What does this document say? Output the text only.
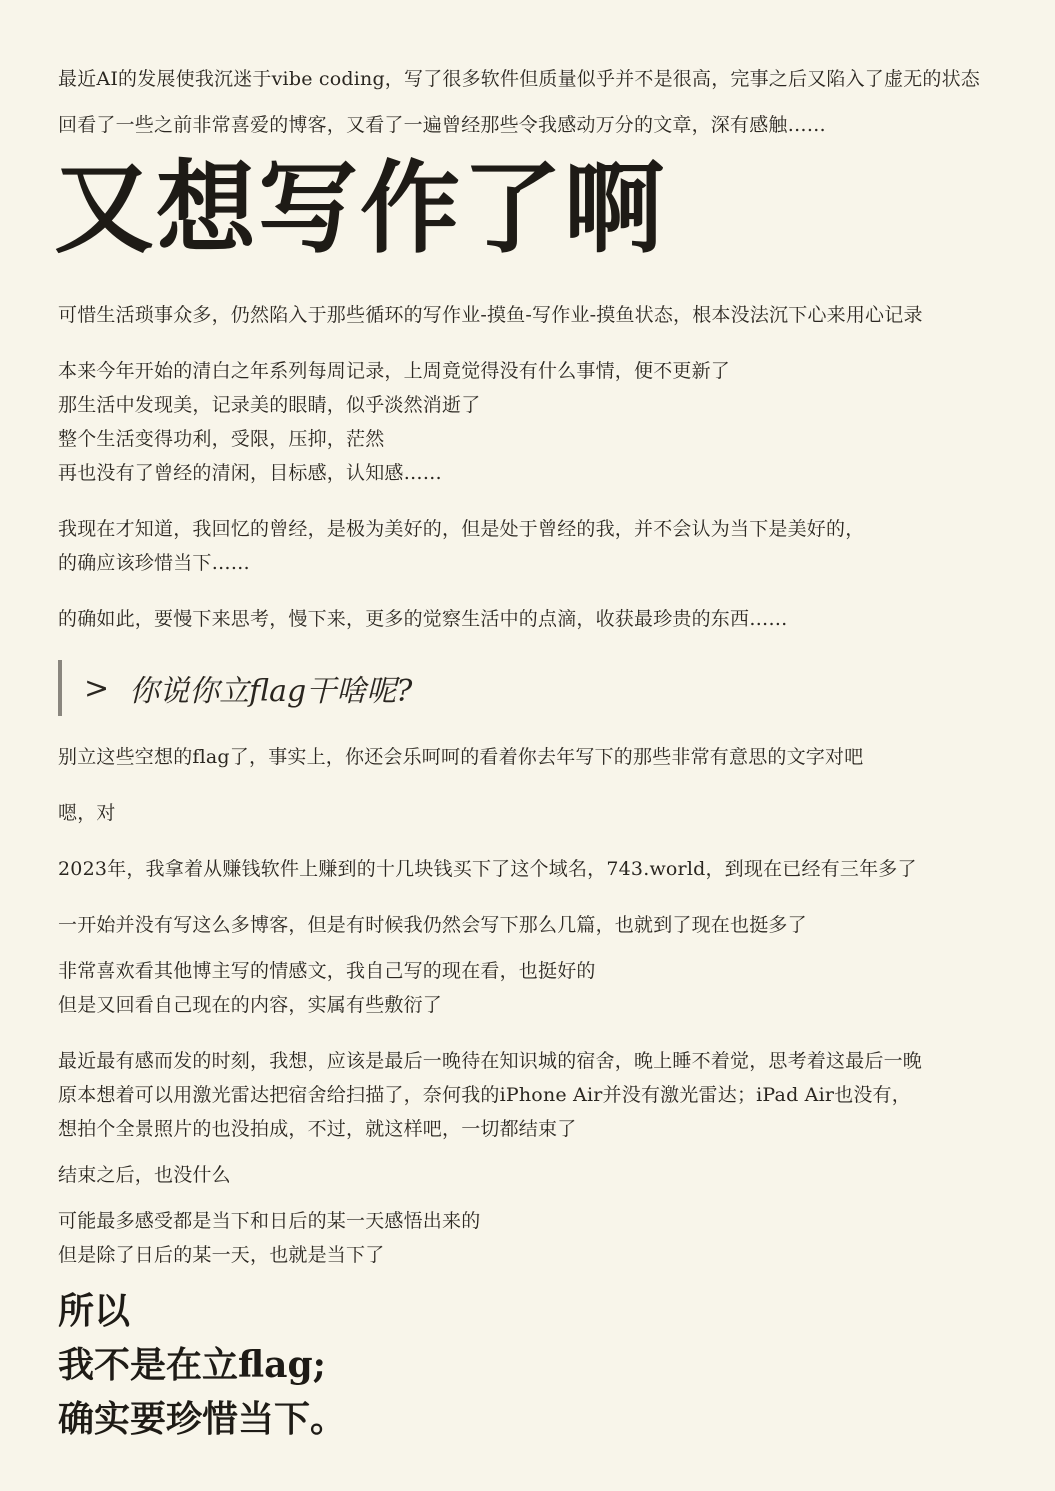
最近AI的发展使我沉迷于vibe coding，写了很多软件但质量似乎并不是很高，完事之后又陷入了虚无的状态

回看了一些之前非常喜爱的博客，又看了一遍曾经那些令我感动万分的文章，深有感触……

又想写作了啊

可惜生活琐事众多，仍然陷入于那些循环的写作业-摸鱼-写作业-摸鱼状态，根本没法沉下心来用心记录

本来今年开始的清白之年系列每周记录，上周竟觉得没有什么事情，便不更新了

那生活中发现美，记录美的眼睛，似乎淡然消逝了

整个生活变得功利，受限，压抑，茫然

再也没有了曾经的清闲，目标感，认知感……

我现在才知道，我回忆的曾经，是极为美好的，但是处于曾经的我，并不会认为当下是美好的，

的确应该珍惜当下……

的确如此，要慢下来思考，慢下来，更多的觉察生活中的点滴，收获最珍贵的东西……

> 你说你立flag干啥呢?

别立这些空想的flag了，事实上，你还会乐呵呵的看着你去年写下的那些非常有意思的文字对吧

嗯，对

2023年，我拿着从赚钱软件上赚到的十几块钱买下了这个域名，743.world，到现在已经有三年多了

一开始并没有写这么多博客，但是有时候我仍然会写下那么几篇，也就到了现在也挺多了

非常喜欢看其他博主写的情感文，我自己写的现在看，也挺好的

但是又回看自己现在的内容，实属有些敷衍了

最近最有感而发的时刻，我想，应该是最后一晚待在知识城的宿舍，晚上睡不着觉，思考着这最后一晚

原本想着可以用激光雷达把宿舍给扫描了，奈何我的iPhone Air并没有激光雷达；iPad Air也没有，

想拍个全景照片的也没拍成，不过，就这样吧，一切都结束了

结束之后，也没什么

可能最多感受都是当下和日后的某一天感悟出来的

但是除了日后的某一天，也就是当下了

所以
我不是在立flag;
确实要珍惜当下。
